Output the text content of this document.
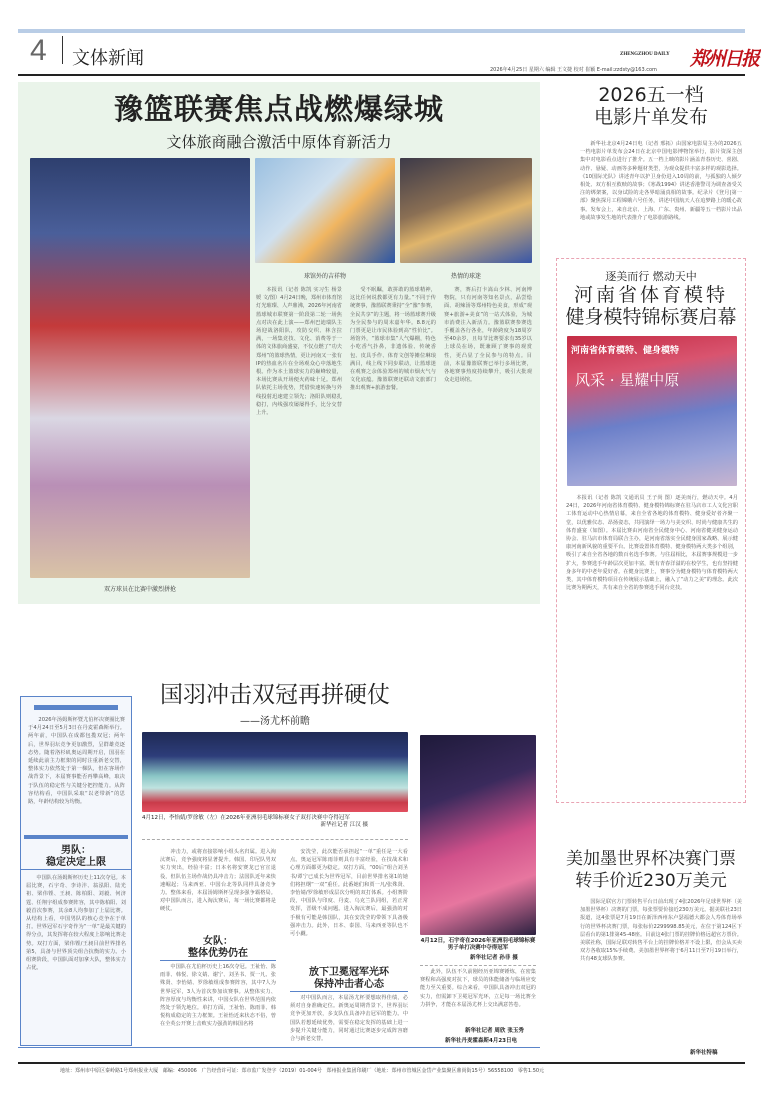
4 文体新闻	ZHENGZHOU DAILY
2026年4月25日 星期六 编辑 王文捷 校对 崔颖 E-mail:zzdsty@163.com 郑州日报
豫篮联赛焦点战燃爆绿城
文体旅商融合激活中原体育新活力
双方球员在比赛中激烈拼抢
球馆外的吉祥物	热情的球迷
本报讯（记者 陈凯 实习生 杨景媛 文/图）4月24日晚，郑州市体育馆灯光璀璨、人声鼎沸，2026年河南省篮球城市联赛第一阶段第二轮一场焦点对决在此上演——郑州巴迪瑞队主场迎战洛阳队，攻防交织、林含拉满，一场集竞技、文化、消费等于一体的文体旅商盛宴，不仅点燃了“功夫郑州”的篮球热情，更让河南又一张有IP的热血名片在全场观众心中落地生根。作为本土篮球实力的巅峰较量，本场比赛从开场便火药味十足。郑州队依托主场优势，凭借快速转换与外线投射迅速建立领先；洛阳队则稳扎稳打，内线强攻屡屡得手，比分交替上升。
受不眠瞩，敢拼敢的篮球精神，这比任何说教都更有力量。”不同于传统赛事，豫篮联赛秉持“全”豫“参赛，全民共享”的主题，将一场篮球赛升级为全民参与的周末嘉年华。8.8元的门票更是让市民体验到高“性价比”。场馆外，“篮球市集”人气爆棚，特色小吃香气扑鼻，非遗体验、传统香包、皮具手作、体育文创等摊位琳琅满目，线上线下同步联动，让篮球迷在观赛之余体验郑州的城市烟火气与文化底蕴。豫篮联赛还联动文旅部门推出观赛+旅游套餐。
赛，赛后打卡嵩山少林、河南博物院，只有河南等知名景点，品尝烩面、胡辣汤等郑州特色美食，形成“观赛+旅游+美食”的一站式体验，为城市消费注入新活力。豫篮联赛参赛选手覆盖各行各业，年龄跨度为18周岁至40余岁，且每节比赛要求有35岁以上球员在场，既兼顾了赛事的观赏性，更凸显了全民参与的特点。目前，本届豫篮联赛已举行多场比赛，各地赛事热度持续攀升，吸引大批观众走进场馆。
2026五一档
电影片单发布
新华社北京4月24日电（记者 邢拓）由国家电影局主办的2026五一档电影片单发布会24日在北京中国电影博物馆举行，影片资深主创集中对电影看点进行了推介。五一档上映的影片涵盖青春历史、喜剧、动作、悬疑、动画等多种题材类型，为观众提供丰富多样的观影选择。《10国际光队》讲述青年以护卫身份进入10周的前，与孤独的人倾夕相处、双方相互救赎的故事；《寒战1994》讲述香港警司为调查备受关注的绑架案，以身试险的走各界暗涌真相的故事。纪录片《登月|第一部》聚焦探月工程嫦娥六号任务，讲述中国航天人在追梦路上的暖心故事。发布会上，来自北京、上海、广东、贵州、新疆等五一档影片出品地或故事发生地的代表推介了电影旅游路线。
逐美而行 燃动天中
河南省体育模特
健身模特锦标赛启幕
河南省体育模特、健身模特
风采 · 星耀中原
本报讯（记者 陈凯 文通讯员 王子尚 图）逐美而行，燃动天中。4月24日，2026年河南省体育模特、健身模特锦标赛在驻马店市工人文化宫职工体育运动中心热情启幕，来自全省各地的体育模特、健身爱好者齐聚一堂，以优雅仪态、昂扬姿态，共同演绎一场力与美交织、时尚与健康共生的体育盛宴（如图）。本届比赛由河南省全民健身中心、河南省健美健身运动协会、驻马店市体育局联合主办，是河南省落实全民健身国家战略、展示健康河南新风貌的重要平台。比赛设置体育模特、健身模特两大类多个组别，吸引了来自全省各地的数百名选手参赛。与往届相比，本届赛事规模进一步扩大，参赛选手年龄层次更加丰富，既有青春洋溢的在校学生，也有坚持健身多年的中老年爱好者。在健身比赛上，赛事分为健身模特与体育模特两大类，其中体育模特项目在传统展示基础上，融入了“动力之美”的理念。此次比赛为期两天，共有来自全省的参赛选手同台竞技。
美加墨世界杯决赛门票
转手价近230万美元
国际足联官方门票转售平台日前出现了4张2026年足球世界杯（美加墨世界杯）决赛的门票，每张票要价接近230万美元。据美联社23日报道，这4张票是7月19日在新泽西州东卢瑟福德大都会人寿体育场举行的世界杯决赛门票，每张标价2299998.85美元，在位于第124区下层看台的第1排第45-48座。目前这4张门票的挂牌价格远超官方票价。美联社称，国际足联对转售平台上的挂牌价格并不设上限，但会从买卖双方各收取15%手续费。美加墨世界杯将于6月11日至7月19日举行，共有48支球队参赛。
新华社特稿
国羽冲击双冠再拼硬仗
——汤尤杯前瞻
2026年汤姆斯杯暨尤伯杯决赛圈比赛于4月24日至5月3日在丹麦霍森斯举行。两年前，中国队在成都包揽双冠；两年后，世界羽坛竞争更加激烈，呈群雄竞逐态势。随着洛杉矶奥运周期开启，国羽在延续此前主力框架的同时注重新老交替，整体实力依然处于第一梯队，但在客场作战背景下，本届赛事能否再攀高峰，取决于队伍的稳定性与关键分把控能力。从阵容结构看，中国队采取“以老带新”的思路，年龄结构较为均衡。
男队：
稳定决定上限
中国队在汤姆斯杯历史上11次夺冠。本届比赛，石宇奇、李诗沣、翁泓阳、陆光祖、梁伟铿、王昶、陈柏阳、刘毅、何济霆、任翔宇组成参赛阵容，其中陈柏阳、刘毅首次参赛，其余8人均参加了上届比赛。从结构上看，中国男队的核心竞争在于单打。世界冠军石宇奇作为“一单”是最关键的得分点，其发挥将在较大程度上影响比赛走势。双打方面，梁伟铿/王昶目前世界排名第5，具备与世界顶尖组合抗衡的实力。小组赛阶段，中国队面对加拿大队，整体实力占优。
4月12日，李怡婧/罗徐敏（左）在2026年亚洲羽毛球锦标赛女子双打决赛中夺得冠军
新华社记者 江汉 摄
冲击力，或将直接影响小组头名归属。进入淘汰赛后，竞争强度将显著提升。韩国、印尼队男双实力突出，经验丰富；日本名将安赛龙已官宣退役，但队伍主场作战仍具冲击力；法国队近年来快速崛起；马来西亚、中国台北等队同样具备竞争力。整体来看，本届汤姆斯杯呈现多强争霸格局。对中国队而言，进入淘汰赛后，每一场比赛都将是硬仗。
女队：
整体优势仍在
中国队在尤伯杯历史上16次夺冠。王祉怡、陈雨菲、韩悦、徐文婧、谢宁、刘圣书、贾一凡、张殊贤、李怡婧、罗徐敏组成参赛阵容，其中7人为世界冠军，3人为首次参加该赛事。从整体实力、阵容厚度与均衡性来讲，中国女队在世界范围内依然处于领先地位。单打方面，王祉怡、陈雨菲、韩悦构成稳定的主力框架。王祉怡近来状态不俗，曾在全英公开赛上击败实力强劲的韩国名将
安洗莹，此次能否承担起“一单”重任是一大看点。奥运冠军陈雨菲则具有丰富经验，在技战术和心理方面都更为稳定。双打方面，“00后”组合刘圣书/谭宁已成长为世界冠军，目前世界排名第1的她们将担纲“一双”重任。此番她们和贾一凡/张殊贤、李怡婧/罗徐敏形成层次分明的双打体系。小组赛阶段，中国队与印度、丹麦、乌克兰队同组，若正常发挥，晋级不成问题。进入淘汰赛后，最强劲的对手极有可能是韩国队，其在安洗莹的带领下具备极强冲击力。此外，日本、泰国、马来西亚等队也不可小觑。
放下卫冕冠军光环
保持冲击者心态
对中国队而言，本届汤尤杯要想取得佳绩，必须对自身准确定位。新奥运周期背景下，世界羽坛竞争更加开放，多支队伍具备冲击冠军的能力。中国队若想延续优势，需要在稳定发挥的基础上进一步提升关键分能力，同时通过比赛逐步完成阵容磨合与新老交替。
4月12日，石宇奇在2026年亚洲羽毛球锦标赛男子单打决赛中夺得冠军
新华社记者 孙非 摄
此外，队伍不久前刚经历亚锦赛锤炼，在密集赛程和高强度对抗下，球员的体能储备与临场应变能力至关重要。综合来看，中国队具备冲击双冠的实力，但需卸下卫冕冠军光环，立足每一场比赛全力拼争，才能在本届汤尤杯上交出满意答卷。
新华社记者 周欣 张玉秀
新华社丹麦霍森斯4月23日电
地址：郑州市中原区秦岭路1号郑州报业大厦 邮编：450006 广告经营许可证：郑市监广发登字（2019）01-004号 郑州报业集团印刷厂（地址：郑州市管城区金岱产业集聚区鼎尚街15号）56558100 零售1.50元
